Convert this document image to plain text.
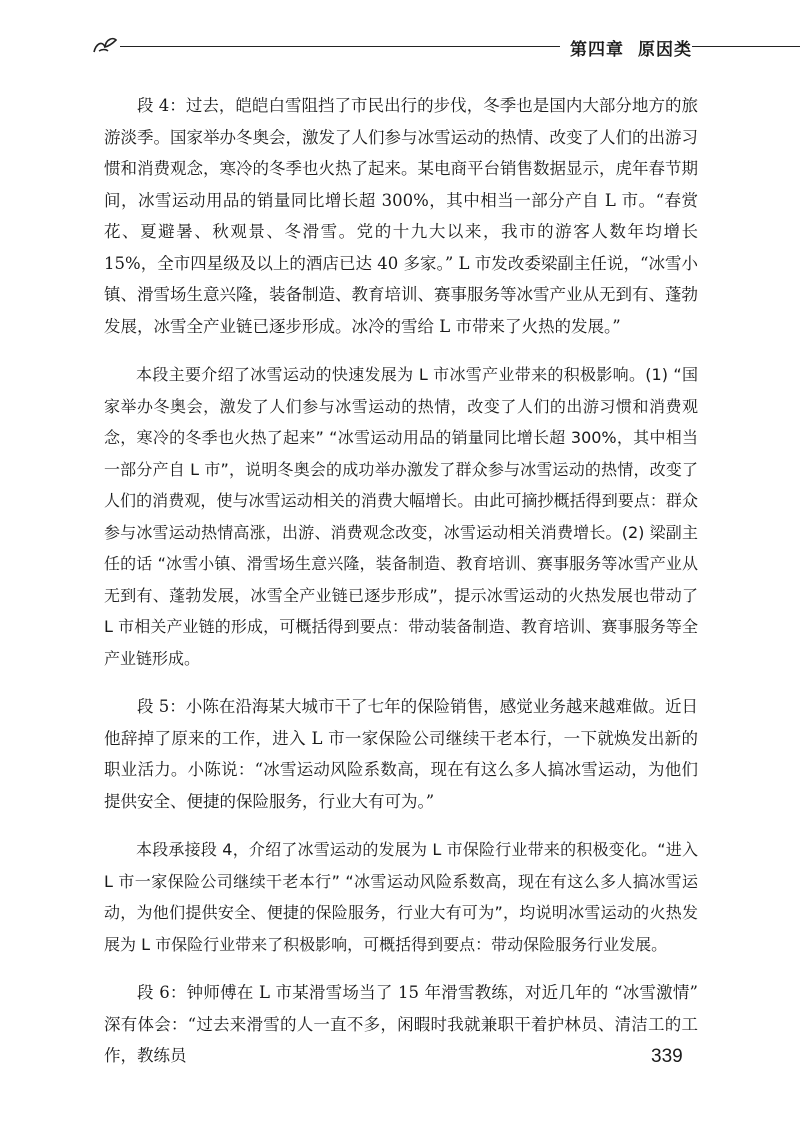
第四章 原因类

段 4：过去，皑皑白雪阻挡了市民出行的步伐，冬季也是国内大部分地方的旅游淡季。国家举办冬奥会，激发了人们参与冰雪运动的热情、改变了人们的出游习惯和消费观念，寒冷的冬季也火热了起来。某电商平台销售数据显示，虎年春节期间，冰雪运动用品的销量同比增长超 300%，其中相当一部分产自 L 市。“春赏花、夏避暑、秋观景、冬滑雪。党的十九大以来，我市的游客人数年均增长 15%，全市四星级及以上的酒店已达 40 多家。” L 市发改委梁副主任说，“冰雪小镇、滑雪场生意兴隆，装备制造、教育培训、赛事服务等冰雪产业从无到有、蓬勃发展，冰雪全产业链已逐步形成。冰冷的雪给 L 市带来了火热的发展。”

本段主要介绍了冰雪运动的快速发展为 L 市冰雪产业带来的积极影响。(1) “国家举办冬奥会，激发了人们参与冰雪运动的热情，改变了人们的出游习惯和消费观念，寒冷的冬季也火热了起来” “冰雪运动用品的销量同比增长超 300%，其中相当一部分产自 L 市”，说明冬奥会的成功举办激发了群众参与冰雪运动的热情，改变了人们的消费观，使与冰雪运动相关的消费大幅增长。由此可摘抄概括得到要点：群众参与冰雪运动热情高涨，出游、消费观念改变，冰雪运动相关消费增长。(2) 梁副主任的话 “冰雪小镇、滑雪场生意兴隆，装备制造、教育培训、赛事服务等冰雪产业从无到有、蓬勃发展，冰雪全产业链已逐步形成”，提示冰雪运动的火热发展也带动了 L 市相关产业链的形成，可概括得到要点：带动装备制造、教育培训、赛事服务等全产业链形成。

段 5：小陈在沿海某大城市干了七年的保险销售，感觉业务越来越难做。近日他辞掉了原来的工作，进入 L 市一家保险公司继续干老本行，一下就焕发出新的职业活力。小陈说：“冰雪运动风险系数高，现在有这么多人搞冰雪运动，为他们提供安全、便捷的保险服务，行业大有可为。”

本段承接段 4，介绍了冰雪运动的发展为 L 市保险行业带来的积极变化。“进入 L 市一家保险公司继续干老本行” “冰雪运动风险系数高，现在有这么多人搞冰雪运动，为他们提供安全、便捷的保险服务，行业大有可为”，均说明冰雪运动的火热发展为 L 市保险行业带来了积极影响，可概括得到要点：带动保险服务行业发展。

段 6：钟师傅在 L 市某滑雪场当了 15 年滑雪教练，对近几年的 “冰雪激情” 深有体会：“过去来滑雪的人一直不多，闲暇时我就兼职干着护林员、清洁工的工作，教练员	339
